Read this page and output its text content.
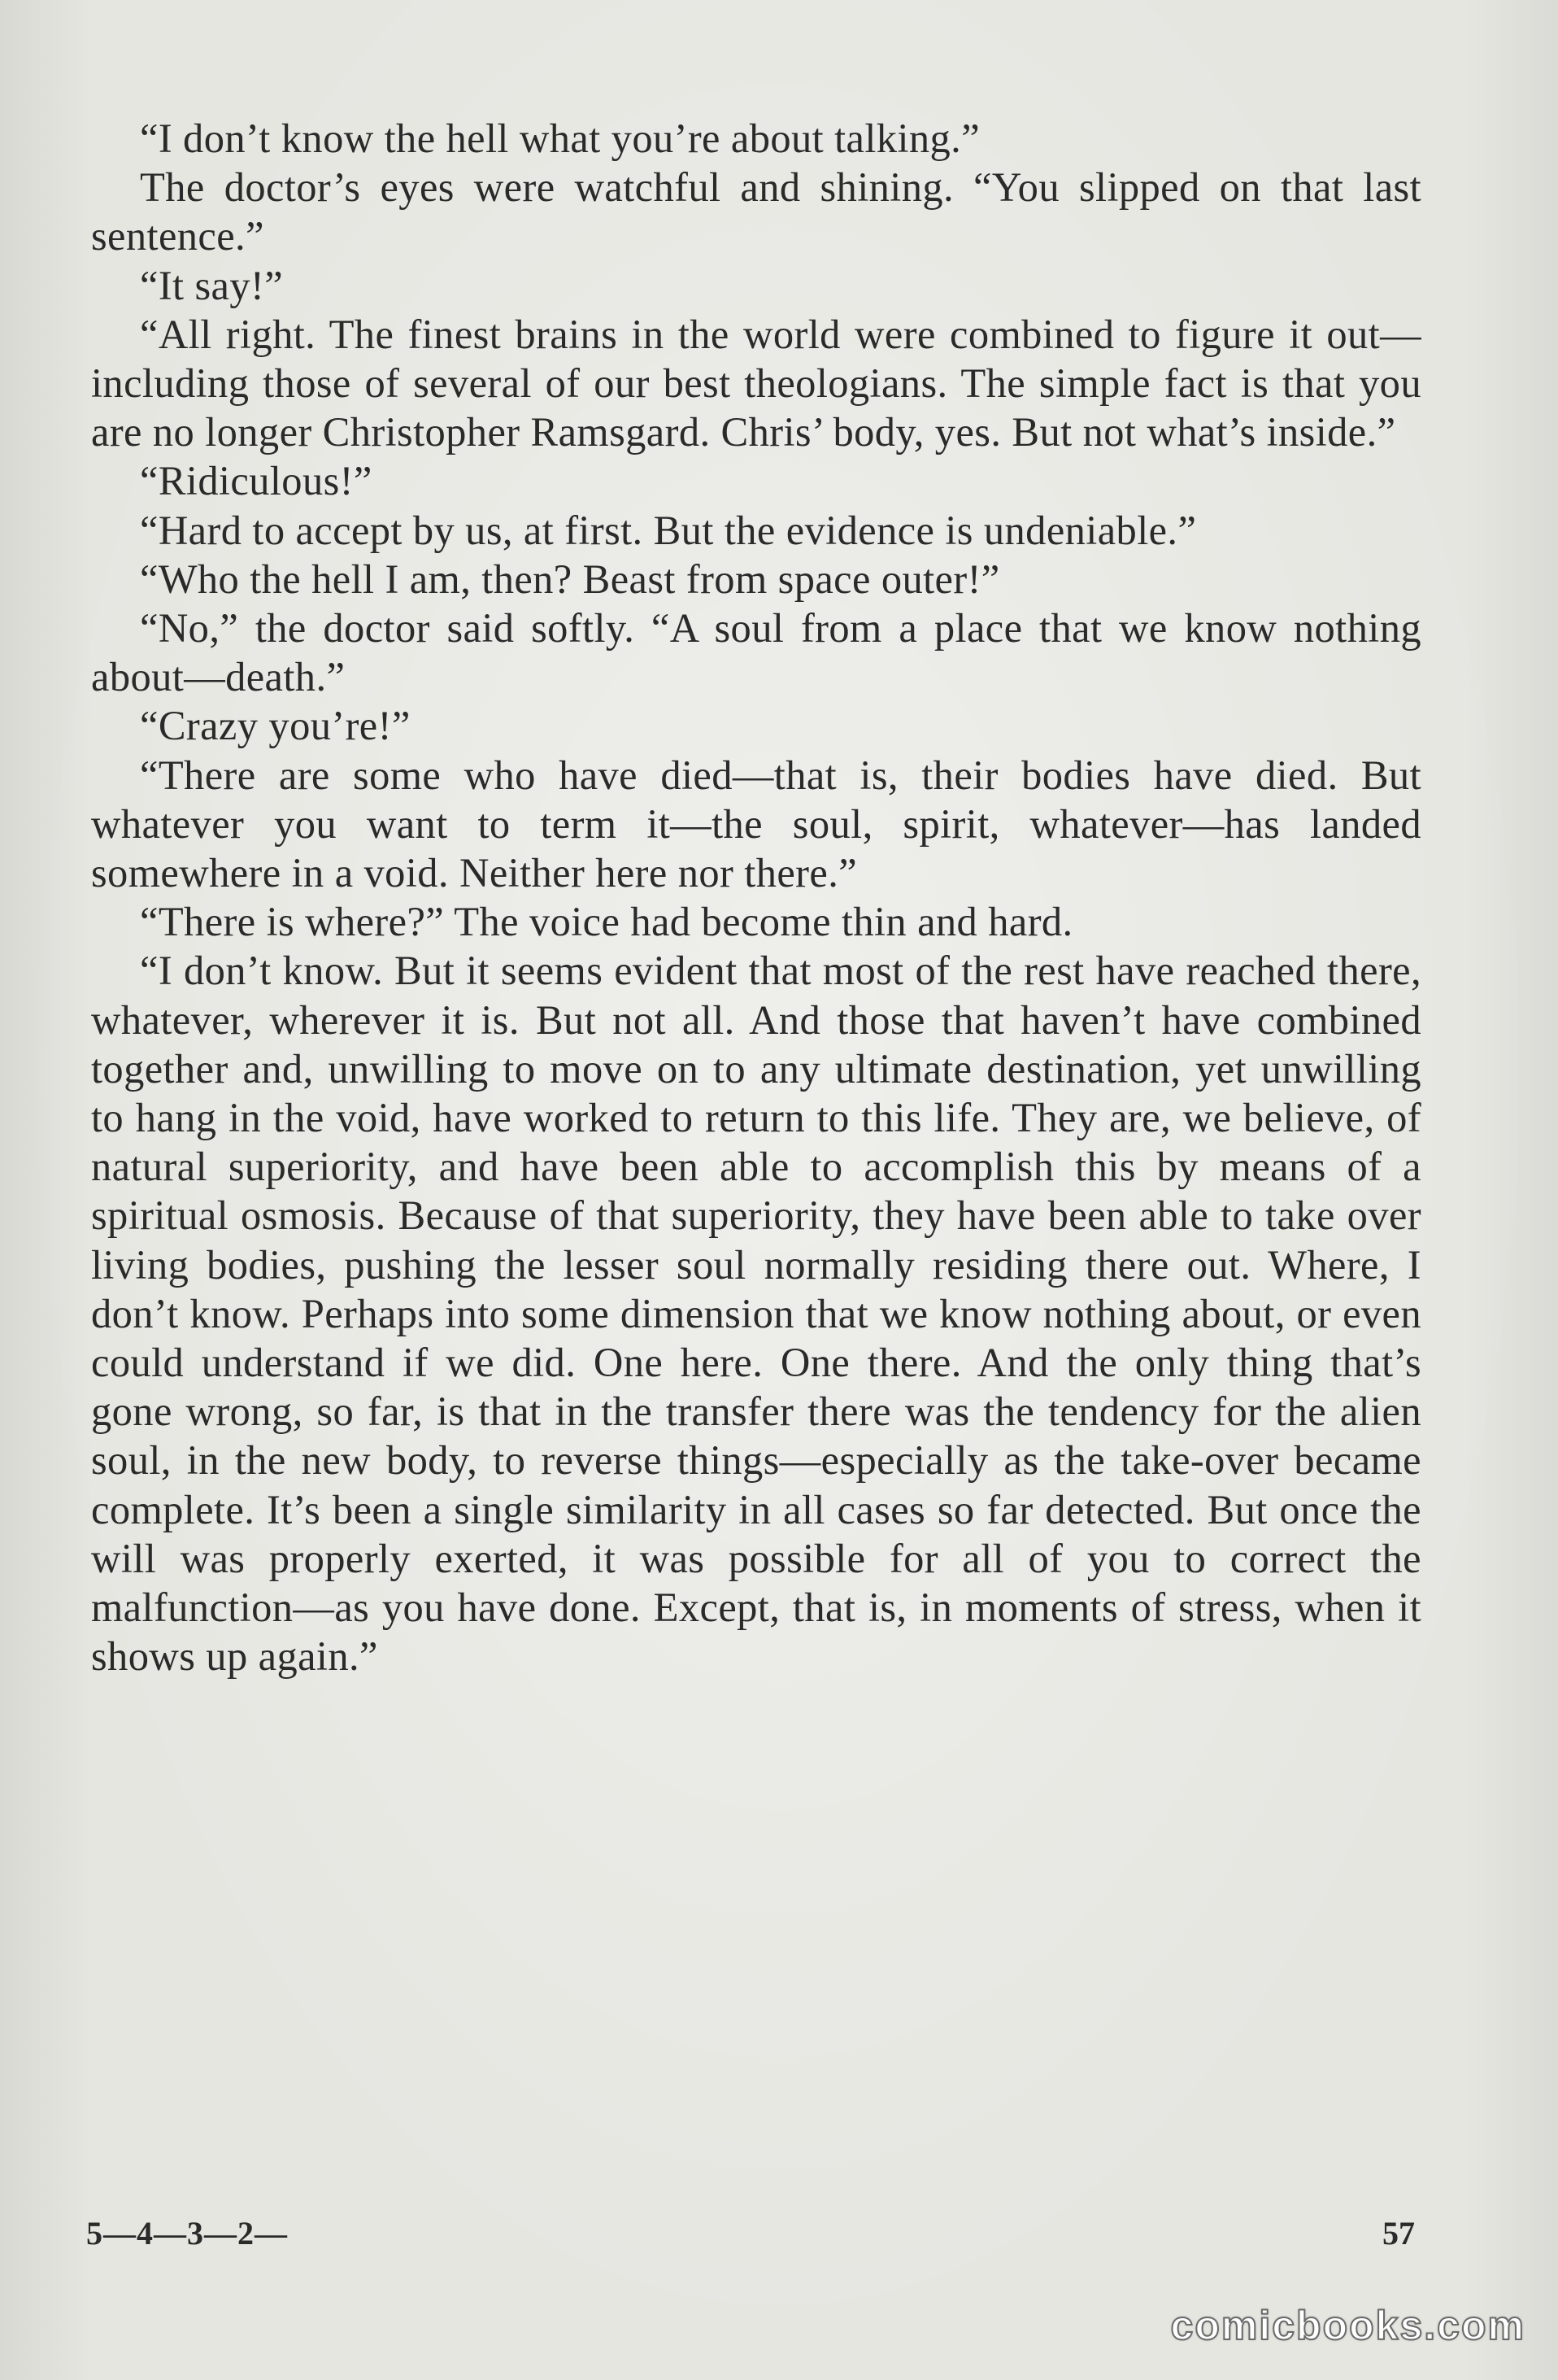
“I don’t know the hell what you’re about talking.”

The doctor’s eyes were watchful and shining. “You slipped on that last sentence.”

“It say!”

“All right. The finest brains in the world were combined to figure it out—including those of several of our best theologians. The simple fact is that you are no longer Christopher Ramsgard. Chris’ body, yes. But not what’s inside.”

“Ridiculous!”

“Hard to accept by us, at first. But the evidence is undeniable.”

“Who the hell I am, then? Beast from space outer!”

“No,” the doctor said softly. “A soul from a place that we know nothing about—death.”

“Crazy you’re!”

“There are some who have died—that is, their bodies have died. But whatever you want to term it—the soul, spirit, whatever—has landed somewhere in a void. Neither here nor there.”

“There is where?” The voice had become thin and hard.

“I don’t know. But it seems evident that most of the rest have reached there, whatever, wherever it is. But not all. And those that haven’t have combined together and, unwilling to move on to any ultimate destination, yet unwilling to hang in the void, have worked to return to this life. They are, we believe, of natural superiority, and have been able to accomplish this by means of a spiritual osmosis. Because of that superiority, they have been able to take over living bodies, pushing the lesser soul normally residing there out. Where, I don’t know. Perhaps into some dimension that we know nothing about, or even could understand if we did. One here. One there. And the only thing that’s gone wrong, so far, is that in the transfer there was the tendency for the alien soul, in the new body, to reverse things—especially as the take-over became complete. It’s been a single similarity in all cases so far detected. But once the will was properly exerted, it was possible for all of you to correct the malfunction—as you have done. Except, that is, in moments of stress, when it shows up again.”

5—4—3—2—	57
comicbooks.com
